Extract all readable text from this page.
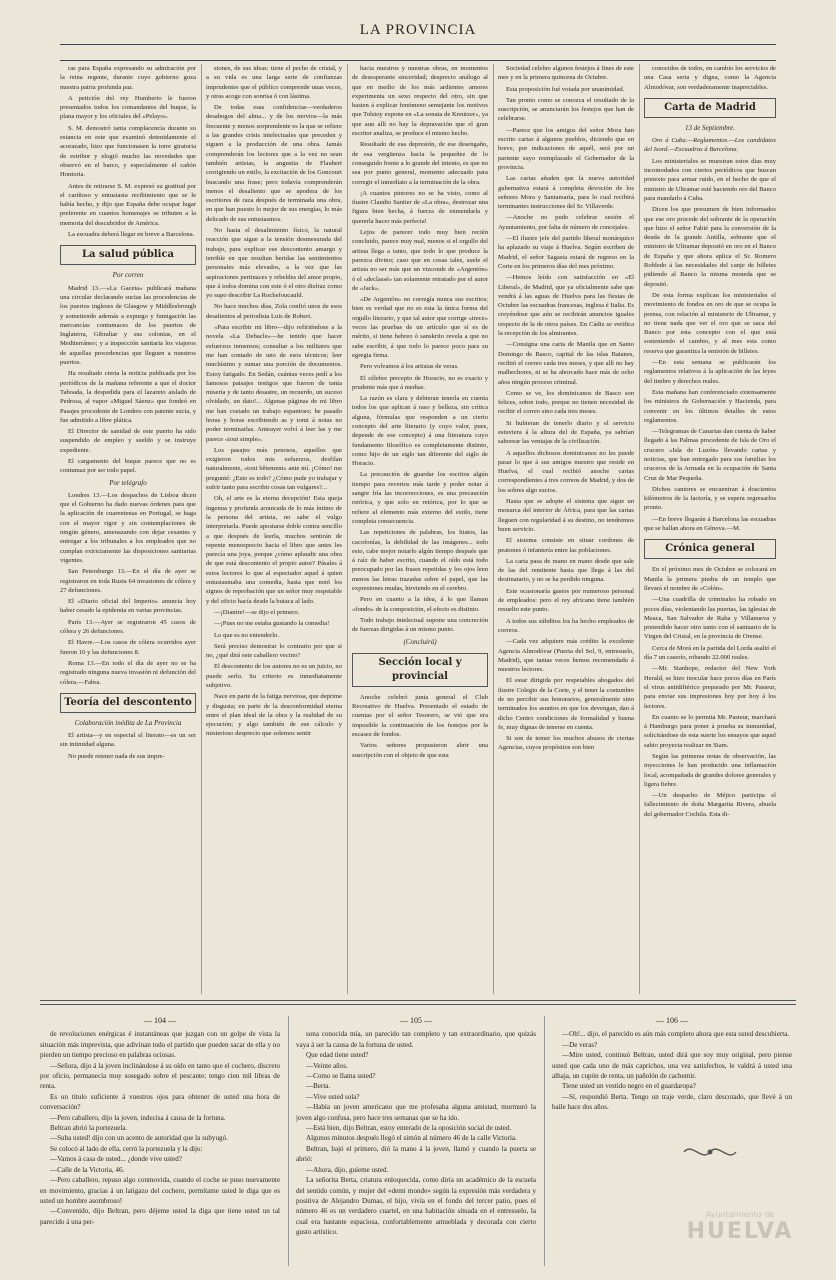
LA PROVINCIA

ras para España expresando su admiración por la reina regente, durante cuyo gobierno goza nuestra patria profunda paz.

A petición del rey Humberto le fueron presentados todos los comandantes del buque, la plana mayor y los oficiales del «Pelayo».

S. M. demostró tanta complacencia durante su estancia en este que examinó detenidamente el acorazado, hizo que funcionasen la torre giratoria de estribor y elogió mucho las novedades que observó en el barco, y especialmente el cañón Hontoria.

Antes de retirarse S. M. expresó su gratitud por el cariñoso y entusiasta recibimiento que se le había hecho, y dijo que España debe ocupar lugar preferente en cuantos homenajes se tributen a la memoria del descubridor de América.

La escuadra deberá llegar en breve a Barcelona.

La salud pública
Por correo

Madrid 13.—«La Gaceta» publicará mañana una circular declarando sucias las procedencias de los puertos ingleses de Glasgow y Middlesbrough y sometiendo además a expurgo y fumigación las mercancías contumaces de los puertos de Inglaterra, Gibraltar y sus colonias, en el Mediterráneo; y a inspección sanitaria los viajeros de aquellas procedencias que lleguen a nuestros puertos.

Ha resultado cierta la noticia publicada por los periódicos de la mañana referente a que el doctor Taboada, la despedida para el lazareto aislado de Pedrosa, al vapor «Miguel Sáenz» que fondeó en Pasajes procedente de Londres con patente sucia, y fue admitido a libre plática.

El Director de sanidad de este puerto ha sido suspendido de empleo y sueldo y se instruye expediente.

El cargamento del buque parece que no es contumaz por ser todo papel.

Por telégrafo

Londres 13.—Los despachos de Lisboa dicen que el Gobierno ha dado nuevas órdenes para que la aplicación de cuarentenas en Portugal, se haga con el mayor rigor y sin contemplaciones de ningún género, amenazando con dejar cesantes y entregar a los tribunales a los empleados que no cumplan extrictamente las disposiciones sanitarias vigentes.

San Petersburgo 13.—En el día de ayer se registraron en toda Rusia 64 invasiones de cólera y 27 defunciones.

El «Diario oficial del Imperio» anuncia hoy haber cesado la epidemia en varias provincias.

París 13.—Ayer se registraron 45 casos de cólera y 26 defunciones.

El Havre.—Los casos de cólera ocurridos ayer fueron 10 y las defunciones 8.

Roma 13.—En todo el día de ayer no se ha registrado ninguna nueva invasión ni defunción del cólera.—Fabra.

Teoría del descontento
Colaboración inédita de La Provincia

El artista—y en especial el literato—es un ser sin intimidad alguna.

No puede retener nada de sus impre-

siones, de sus ideas: tiene el pecho de cristal, y a su vida es una larga serie de confianzas imprudentes que el público comprende unas veces, y otras acoge con sonrisa ó con lástima.

De todas esas confidencias—verdaderos desahogos del alma... y de los nervios—la más frecuente y menos sorprendente es la que se refiere a las grandes crisis intelectuales que preceden y siguen a la producción de una obra. Jamás comprenderán los lectores que a la vez no sean también artistas, la angustia de Flaubert corrigiendo un estilo, la excitación de los Goncourt buscando una frase; pero todavía comprenderán menos el desaliento que se apodera de los escritores de raza después de terminada una obra, en que han puesto lo mejor de sus energías, lo más delicado de sus entusiasmos.

No hasta el desalimiento físico, la natural reacción que sigue a la tensión desmesurada del trabajo, para explicar ese descontento amargo y terrible en que resultan heridas las sentimientos personales más elevados, a la vez que las aspiraciones pertinaces y rebeldes del amor propio, que á todos domina con este ó el otro disfraz como yo supo describir La Rochefoucauld.

No hace muchos días, Zola confió unos de esos desalientos al periodista Luis de Robert.

«Para escribir mi libro—dijo refiriéndose a la novela «La Debacle»—he tenido que hacer esfuerzos inmensos; consultar a los militares que me han contado de uno de esos técnicos; leer muchísimo y sumar una porción de documentos. Estoy fatigado. En Sedán, cuántas veces pedí a los famosos paisajes testigos que fueron de tanta miseria y de tanto desastre, un recuerdo, un suceso olvidado, un dato!... Algunas páginas de mi libro me han costado un trabajo espantoso; he pasado horas y horas escribiendo as y tomi á notas no poder terminarlas. Anteayer volví á leer las y me parece «tout simple».

Los pasajes más penosos, aquellos que exigieron todos mis esfuerzos, desfilan naturalmente, «tout bêtement» ante mí. ¡Cómo! me pregunté: ¿Esto es todo? ¿Cómo pude yo trabajar y sufrir tanto para escribir cosas tan vulgares?...

Oh, el arte es la eterna decepción! Esta queja ingenua y profunda arrancada de lo más íntimo de la persona del artista, no sabe el vulgo interpretarla. Puede apostarse doble contra sencillo a que después de leerla, muchos sentirán de repente menosprecio hacia el libro que antes les parecía una joya, porque ¿cómo aplaudir una obra de que está descontento el propio autor? Pásales á estos lectores lo que al espectador aquel á quien entusiasmaba una comedia, hasta que notó los signos de reprobación que un señor muy respetable y del oficio hacía desde la butaca al lado.

—¡Diantre!—se dijo el primero.

—¡Pues no me estaba gustando la comedia!

Lo que es no entenderlo.

Será preciso demostrar lo contrario por que si no, ¿qué dirá este caballero vecino?

El descontento de los autores no es un juicio, no puede serlo. Su criterio es inmediatamente subjetivo.

Nace en parte de la fatiga nerviosa, que deprime y disgusta; en parte de la desconformidad eterna entre el plan ideal de la obra y la realidad de su ejecución; y algo también de ese cálculo y misterioso desprecio que solemos sentir

hacia nuestros y nuestras obras, en momentos de desesperante sinceridad; desprecio análogo al que en medio de los más ardientes amores experimenta un sexo respecto del otro, sin que basten á explicar fenómeno semejante los motivos que Tolstoy expone en «La sonata de Kreutzer», ya que aun allí no hay la depravación que el gran escritor analiza, se produce el mismo hecho.

Resultado de esa depresión, de ese desengaño, de esa vergüenza hacia la pequeñez de lo conseguido frente a lo grande del intento, es que no sea por punto general, momento adecuado para corregir el inmediato a la terminación de la obra.

¡A cuantos pintores no se ha visto, como al ilustre Claudio Santier de «La obra», destrozar una figura bien hecha, á fuerza de enmendarla y quererla hacer más perfecta!

Lejos de parecer todo muy bien recién concluido, parece muy mal, menos si el orgullo del artista llega a tanto, que todo lo que produce la parezca divino; caso que en cosas tales, suele el artista no ser más que un vizconde de «Argentón» ó el «declassé» tan solamente retratado por el autor de «Jack».

«De Argentón» no corregía nunca sus escritos; bien es verdad que no es esta la única forma del orgullo literario, y que tal autor que corrige «trece» veces las pruebas de un artículo que sí es de mérito, si tiene hebreo ó sanskrito revela a que no sabe escribir, á que todo lo parece poco para su egregia firma.

Pero volvamos á los artistas de veras.

El célebre precepto de Horacio, no es exacto y prudente más que á medias.

La razón es clara y debieran tenerla en cuenta todos los que aplican á raso y belleza, sin crítica alguna, fórmulas que responden a un cierto concepto del arte literario (y cuyo valor, pues, depende de ese concepto) á una literatura cuyo fundamento filosófico es completamente distinto, como hijo de un siglo tan diferente del siglo de Horacio.

La precaución de guardar los escritos algún tiempo para revertos más tarde y poder notar á sangre fría las incorrecciones, es una precaución retórica, y que solo en retórica, por lo que se refiere al elemento más externo del estilo, tiene completa consecuencia.

Las repeticiones de palabras, los hiatos, las cacofonías, la debilidad de las imágenes... todo esto, cabe mejor notarlo algún tiempo después que á raíz de haber escrito, cuando el oído está todo preocupado por las frases repetidas y los ojos leen menos las letras trazadas sobre el papel, que las expresiones mudas, hirviendo en el cerebro.

Pero en cuanto a la idea, á lo que llaman «fondo» de la composición, el efecto es distinto.

Todo trabajo intelectual supone una concreción de fuerzas dirigidas á un mismo punto.

(Concluirá)
Sección local y provincial

Anoche celebró junta general el Club Recreativo de Huelva. Presentado el estado de cuentas por el señor Tesorero, se vió que era imposible la continuación de los festejos por la escasez de fondos.

Varios señores propusieron abrir una suscripción con el objeto de que esta

Sociedad celebre algunos festejos á fines de este mes y en la primera quincena de Octubre.

Esta proposición fué votada por unanimidad.

Tan pronto como se conozca el resultado de la suscripción, se anunciarán los festejos que han de celebrarse.

—Parece que los amigos del señor Mora han escrito cartas á algunos pueblos, diciendo que en breve, por indicaciones de aquél, será por un pariente suyo reemplazado el Gobernador de la provincia.

Las cartas añaden que la nueva autoridad gubernativa estará á completa devoción de los señores Mora y Santamaría, para lo cual recibirá terminantes instrucciones del Sr. Villaverde.

—Anoche no pudo celebrar sesión el Ayuntamiento, por falta de número de concejales.

—El ilustre jefe del partido liberal monárquico ha aplazado su viaje á Huelva. Según escriben de Madrid, el señor Sagasta estará de regreso en la Corte en los primeros días del mes próximo.

—Hemos leído con satisfacción en «El Liberal», de Madrid, que ya oficialmente sabe que vendrá á las aguas de Huelva para las fiestas de Octubre las escuadras francesas, inglesa é Italia. Es creyéndose que aún se recibirán anuncios iguales respecto de la de otros países. En Cádiz se verifica la recepción de los almirantes.

—Consigna una carta de Manila que en Santo Domingo de Basco, capital de las islas Batanes, recibió el correo cada tres meses, y que allí no hay malhechores, ni se ha ahorcado hace más de ocho años ningún proceso criminal.

Como se ve, los dominicanos de Basco son felices, sobre todo, porque no tienen necesidad de recibir el correo sino cada tres meses.

Si hubieran de tenerlo diario y el servicio estuviera á la altura del de España, ya sabrían saborear las ventajas de la civilización.

A aquellos dichosos dominicanos no les puede pasar lo que á sus amigos nuestro que reside en Huelva, el cual recibió anoche cartas correspondientes á tres correos de Madrid, y dos de los sobres algo sucios.

Hasta que se adopte el sistema que sigue un monarca del interior de África, para que las cartas lleguen con regularidad á su destino, no tendremos buen servicio.

El sistema consiste en situar cordones de peatones ó infantería entre las poblaciones.

La carta pasa de mano en mano desde que sale de las del remitente hasta que llega á las del destinatario, y no se ha perdido ninguna.

Este ocasionaría gastos por numeroso personal de empleados: pero el rey africano tiene también resuelto este punto.

A todos sus súbditos los ha hecho empleados de correos.

—Cada vez adquiere más crédito la excelente Agencia Almodóvar (Puerta del Sol, 9, entresuelo, Madrid), que tantas veces hemos recomendado á nuestros lectores.

El estar dirigida por respetables abogados del ilustre Colegio de la Corte, y el tener la costumbre de no percibir sus honorarios, generalmente sino terminados los asuntos en que los devengan, dan á dicho Centro condiciones de formalidad y buena fe, muy dignas de tenerse en cuenta.

Si son de temer los muchos abusos de ciertas Agencias, cuyos propósitos son bien

conocidos de todos, en cambio los servicios de una Casa seria y digna, como la Agencia Almodóvar, son verdaderamente inapreciables.

Carta de Madrid
13 de Septiembre.

Oro á Cuba.—Reglamentos.—Los candidatos del Isord.—Escuadras á Barcelona.

Los ministeriales se muestran estos días muy incomodados con ciertos periódicos que buscan pretexto para armar ruido, en el hecho de que el ministro de Ultramar esté haciendo oro del Banco para mandarlo á Cuba.

Dicen los que presumen de bien informados que ese oro procede del sobrante de la operación que hizo el señor Fabié para la conversión de la deuda de la grande Antilla, sobrante que el ministro de Ultramar depositó en oro en el Banco de España y que ahora aplica el Sr. Romero Robledo á las necesidades del canje de billetes pidiendo al Banco la misma moneda que se depositó.

De esta forma explican los ministeriales el movimiento de fondos en oro de que se ocupa la prensa, con relación al ministerio de Ultramar, y no tiene nada que ver el oro que se saca del Banco por esta concepto con el que está sosteniendo el cambio, y al mes esta como reserva que garantiza la emisión de billetes.

—En esta semana se publicarán los reglamentos relativos á la aplicación de las leyes del timbre y derechos reales.

Esta mañana han conferenciado extensamente los ministros de Gobernación y Hacienda, para convenir en los últimos detalles de estos reglamentos.

—Telegramas de Canarias dan cuenta de haber llegado á las Palmas procedente de Isla de Oro el crucero «Isla de Luzón» llevando cartas y noticias, que han entregado para sus familias los cruceros de la Armada en la ocupación de Santa Cruz de Mar Pequeña.

Dichos cantores se encuentran á doscientos kilómetros de la factoría, y se espera regresarlos pronto.

—En breve llegarán á Barcelona las escuadras que se hallan ahora en Génova.—M.

Crónica general

En el próximo mes de Octubre se colocará en Manila la primera piedra de un templo que llevará el nombre de «Colón».

—Una cuadrilla de criminales ha robado en pocos días, violentando las puertas, las iglesias de Meaca, San Salvador de Raba y Villanueva y pretendido hacer otro tanto con el santuario de la Virgen del Cristal, en la provincia de Orense.

Cerca de Morá en la partida del Lorda asaltó el día 7 un caserío, robando 22.000 reales.

—Mr. Stanhope, redactor del New York Herald, se hizo inocular hace pocos días en París el virus antidiftérico preparado por Mr. Pasteur, para enviar sus impresiones hoy por hoy á los lectores.

En cuanto se lo permita Mr. Pasteur, marchará á Hamburgo para poner á prueba su inmunidad, solicitándose de esta suerte los ensayos que aquel sabio proyecta realizar en Siam.

Según las primeras notas de observación, las inyecciones le han producido una inflamación local, acompañada de grandes dolores generales y ligera fiebre.

—Un despacho de Méjico participa el fallecimiento de doña Margarita Rivera, abuela del gobernador Cochila. Esta di-

— 104 —

de revoluciones enérgicas é instantáneas que juzgan con un golpe de vista la situación más imprevista, que adivinan todo el partido que pueden sacar de ella y no pierden un tiempo precioso en palabras ociosas.

—Señora, dijo á la joven inclinándose á su oído en tanto que el cochero, discreto por oficio, permanecía muy sosegado sobre el pescante; tengo cien mil libras de renta.

Es un título suficiente á vuestros ojos para obtener de usted una hora de conversación?

—Pero caballero, dijo la joven, indecisa á causa de la fortuna.

Beltran abrió la portezuela.

—Suba usted! dijo con un acento de autoridad que la subyugó.

Se colocó al lado de ella, cerró la portezuela y la dijo:

—Vamos á casa de usted... ¿donde vive usted?

—Calle de la Victoria, 46.

—Pero caballero, repuso algo conmovida, cuando el coche se puso nuevamente en movimiento, gracias á un latigazo del cochero, permítame usted le diga que es usted un hombre asombroso!

—Convenido, dijo Beltran, pero déjeme usted la diga que tiene usted un tal parecido á una per-

— 105 —

sona conocida mía, un parecido tan completo y tan extraordinario, que quizás vaya á ser la causa de la fortuna de usted.

Que edad tiene usted?

—Veinte años.

—Como se llama usted?

—Berta.

—Vive usted sola?

—Había un joven americano que me profesaba alguna amistad, murmuró la joven algo confusa, pero hace tres semanas que se ha ido.

—Está bien, dijo Beltran, estoy enterado de la oposición social de usted.

Algunos minutos después llegó el simón al número 46 de la calle Victoria.

Beltran, bajó el primero, dió la mano á la joven, llamó y cuando la puerta se abrió:

—Ahora, dijo, guíeme usted.

La señorita Berta, criatura enloquecida, como diría un académico de la escuela del sentido común, y mujer del «demi monde» según la expresión más verdadera y positiva de Alejandro Dumas, el hijo, vivía en el fondo del tercer patio, pues el número 46 es un verdadero cuartel, en una habitación situada en el entresuelo, la cual era bastante espaciosa, confortablemente amueblada y decorada con cierto gusto artístico.

— 106 —

—Oh!... dijo, el parecido es aún más completo ahora que esta usted descubierta.

—De veras?

—Mire usted, continuó Beltran, usted dirá que soy muy original, pero piense usted que cada uno de más caprichos, una vez satisfechos, le valdrá á usted una alhaja, un cupón de renta, un pañolón de cachemir.

Tiene usted un vestido negro en el guardaropa?

—Sí, respondió Berta. Tengo un traje verde, claro descotado, que llevé á un baile hace dos años.

Ayuntamiento de
HUELVA
